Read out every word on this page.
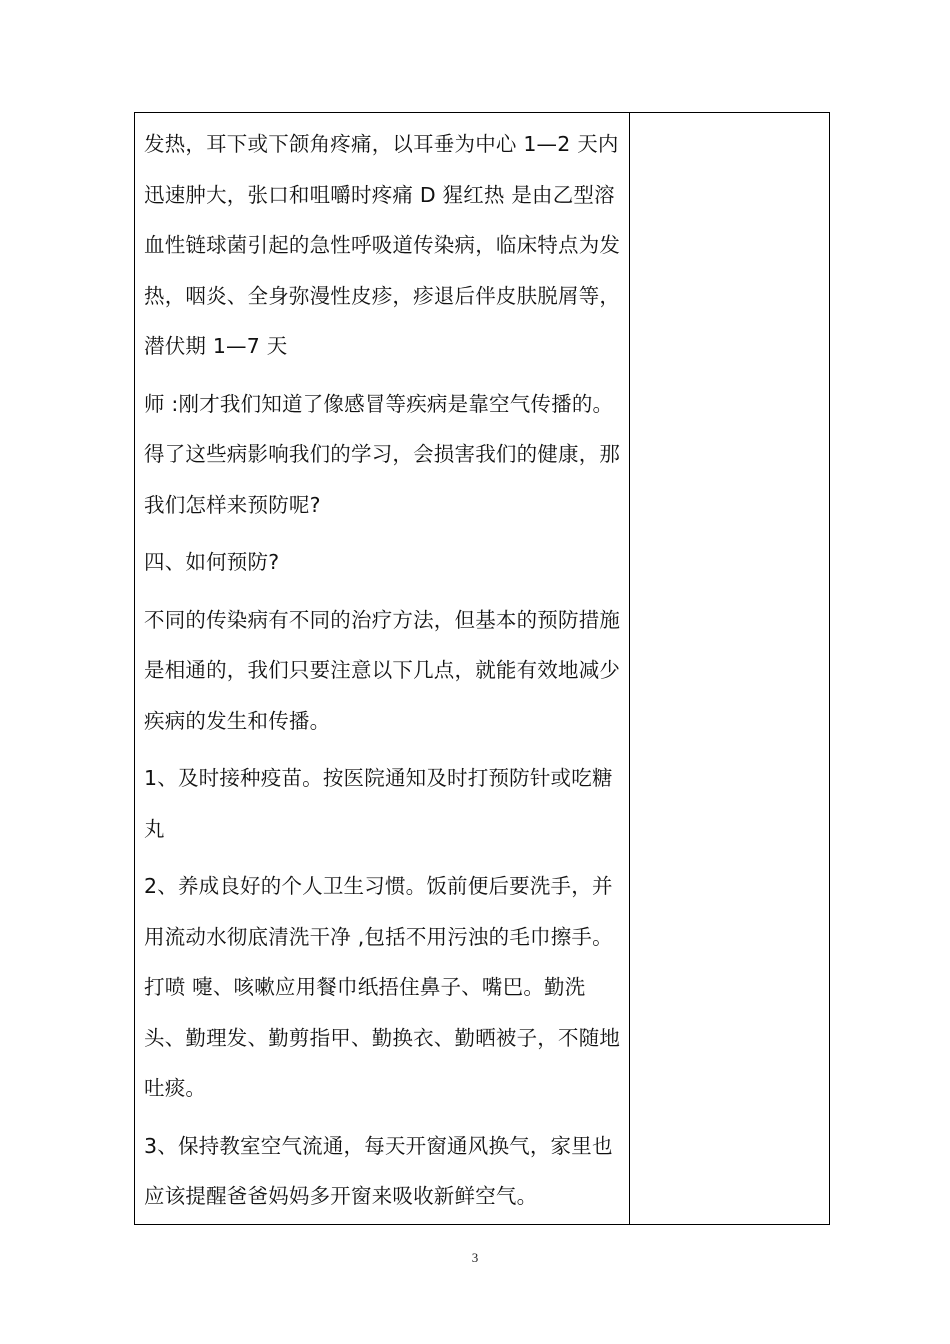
发热，耳下或下颌角疼痛，以耳垂为中心 1—2 天内迅速肿大，张口和咀嚼时疼痛 D 猩红热 是由乙型溶血性链球菌引起的急性呼吸道传染病，临床特点为发热，咽炎、全身弥漫性皮疹，疹退后伴皮肤脱屑等，潜伏期 1—7 天

师 :刚才我们知道了像感冒等疾病是靠空气传播的。得了这些病影响我们的学习，会损害我们的健康，那我们怎样来预防呢?

四、如何预防?

不同的传染病有不同的治疗方法，但基本的预防措施是相通的，我们只要注意以下几点，就能有效地减少疾病的发生和传播。

1、及时接种疫苗。按医院通知及时打预防针或吃糖丸

2、养成良好的个人卫生习惯。饭前便后要洗手，并用流动水彻底清洗干净 ,包括不用污浊的毛巾擦手。打喷 嚏、咳嗽应用餐巾纸捂住鼻子、嘴巴。勤洗头、勤理发、勤剪指甲、勤换衣、勤晒被子，不随地吐痰。

3、保持教室空气流通，每天开窗通风换气，家里也应该提醒爸爸妈妈多开窗来吸收新鲜空气。

3
